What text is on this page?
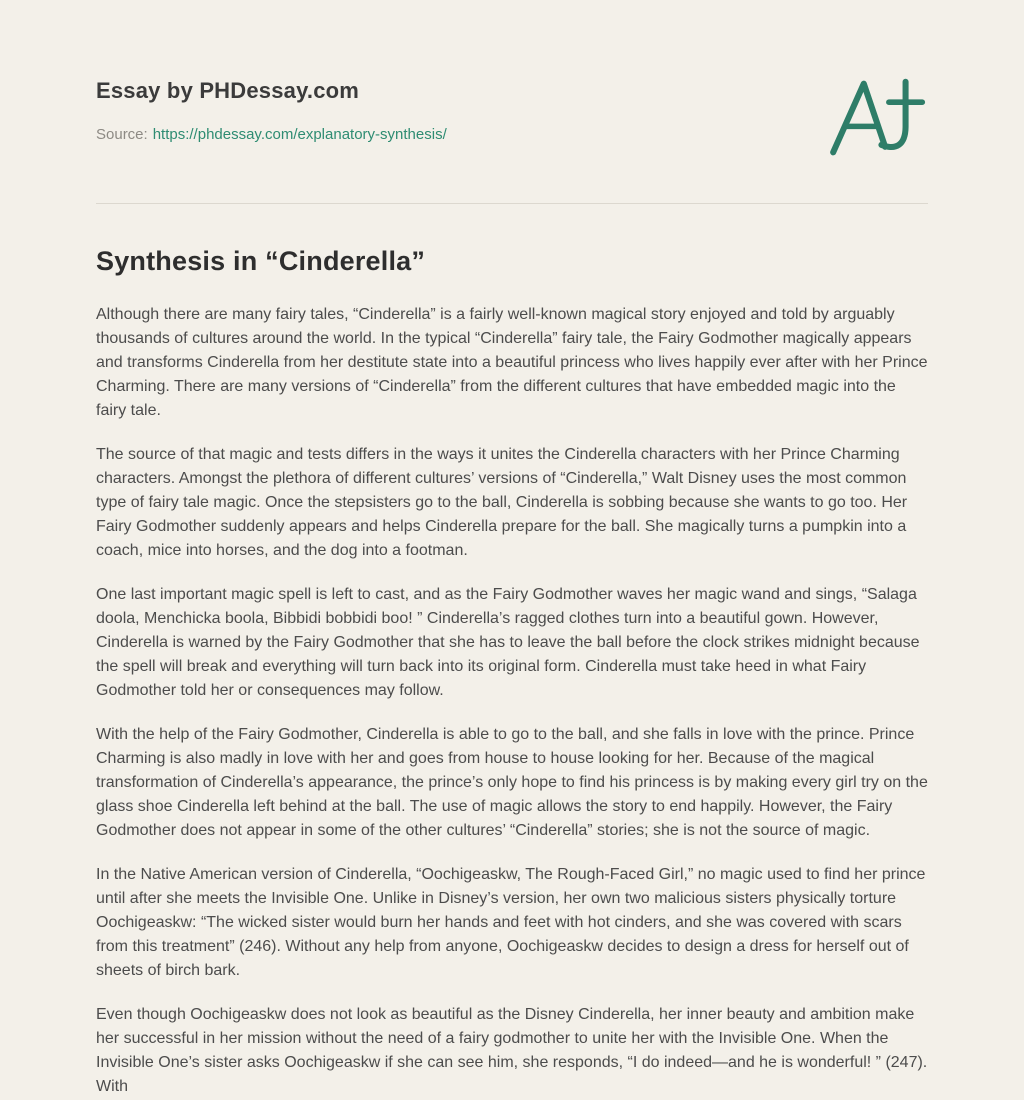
Essay by PHDessay.com
Source: https://phdessay.com/explanatory-synthesis/
Synthesis in “Cinderella”

Although there are many fairy tales, “Cinderella” is a fairly well-known magical story enjoyed and told by arguably thousands of cultures around the world. In the typical “Cinderella” fairy tale, the Fairy Godmother magically appears and transforms Cinderella from her destitute state into a beautiful princess who lives happily ever after with her Prince Charming. There are many versions of “Cinderella” from the different cultures that have embedded magic into the fairy tale.

The source of that magic and tests differs in the ways it unites the Cinderella characters with her Prince Charming characters. Amongst the plethora of different cultures’ versions of “Cinderella,” Walt Disney uses the most common type of fairy tale magic. Once the stepsisters go to the ball, Cinderella is sobbing because she wants to go too. Her Fairy Godmother suddenly appears and helps Cinderella prepare for the ball. She magically turns a pumpkin into a coach, mice into horses, and the dog into a footman.

One last important magic spell is left to cast, and as the Fairy Godmother waves her magic wand and sings, “Salaga doola, Menchicka boola, Bibbidi bobbidi boo! ” Cinderella’s ragged clothes turn into a beautiful gown. However, Cinderella is warned by the Fairy Godmother that she has to leave the ball before the clock strikes midnight because the spell will break and everything will turn back into its original form. Cinderella must take heed in what Fairy Godmother told her or consequences may follow.

With the help of the Fairy Godmother, Cinderella is able to go to the ball, and she falls in love with the prince. Prince Charming is also madly in love with her and goes from house to house looking for her. Because of the magical transformation of Cinderella’s appearance, the prince’s only hope to find his princess is by making every girl try on the glass shoe Cinderella left behind at the ball. The use of magic allows the story to end happily. However, the Fairy Godmother does not appear in some of the other cultures’ “Cinderella” stories; she is not the source of magic.

In the Native American version of Cinderella, “Oochigeaskw, The Rough-Faced Girl,” no magic used to find her prince until after she meets the Invisible One. Unlike in Disney’s version, her own two malicious sisters physically torture Oochigeaskw: “The wicked sister would burn her hands and feet with hot cinders, and she was covered with scars from this treatment” (246). Without any help from anyone, Oochigeaskw decides to design a dress for herself out of sheets of birch bark.

Even though Oochigeaskw does not look as beautiful as the Disney Cinderella, her inner beauty and ambition make her successful in her mission without the need of a fairy godmother to unite her with the Invisible One. When the Invisible One’s sister asks Oochigeaskw if she can see him, she responds, “I do indeed—and he is wonderful! ” (247). With
